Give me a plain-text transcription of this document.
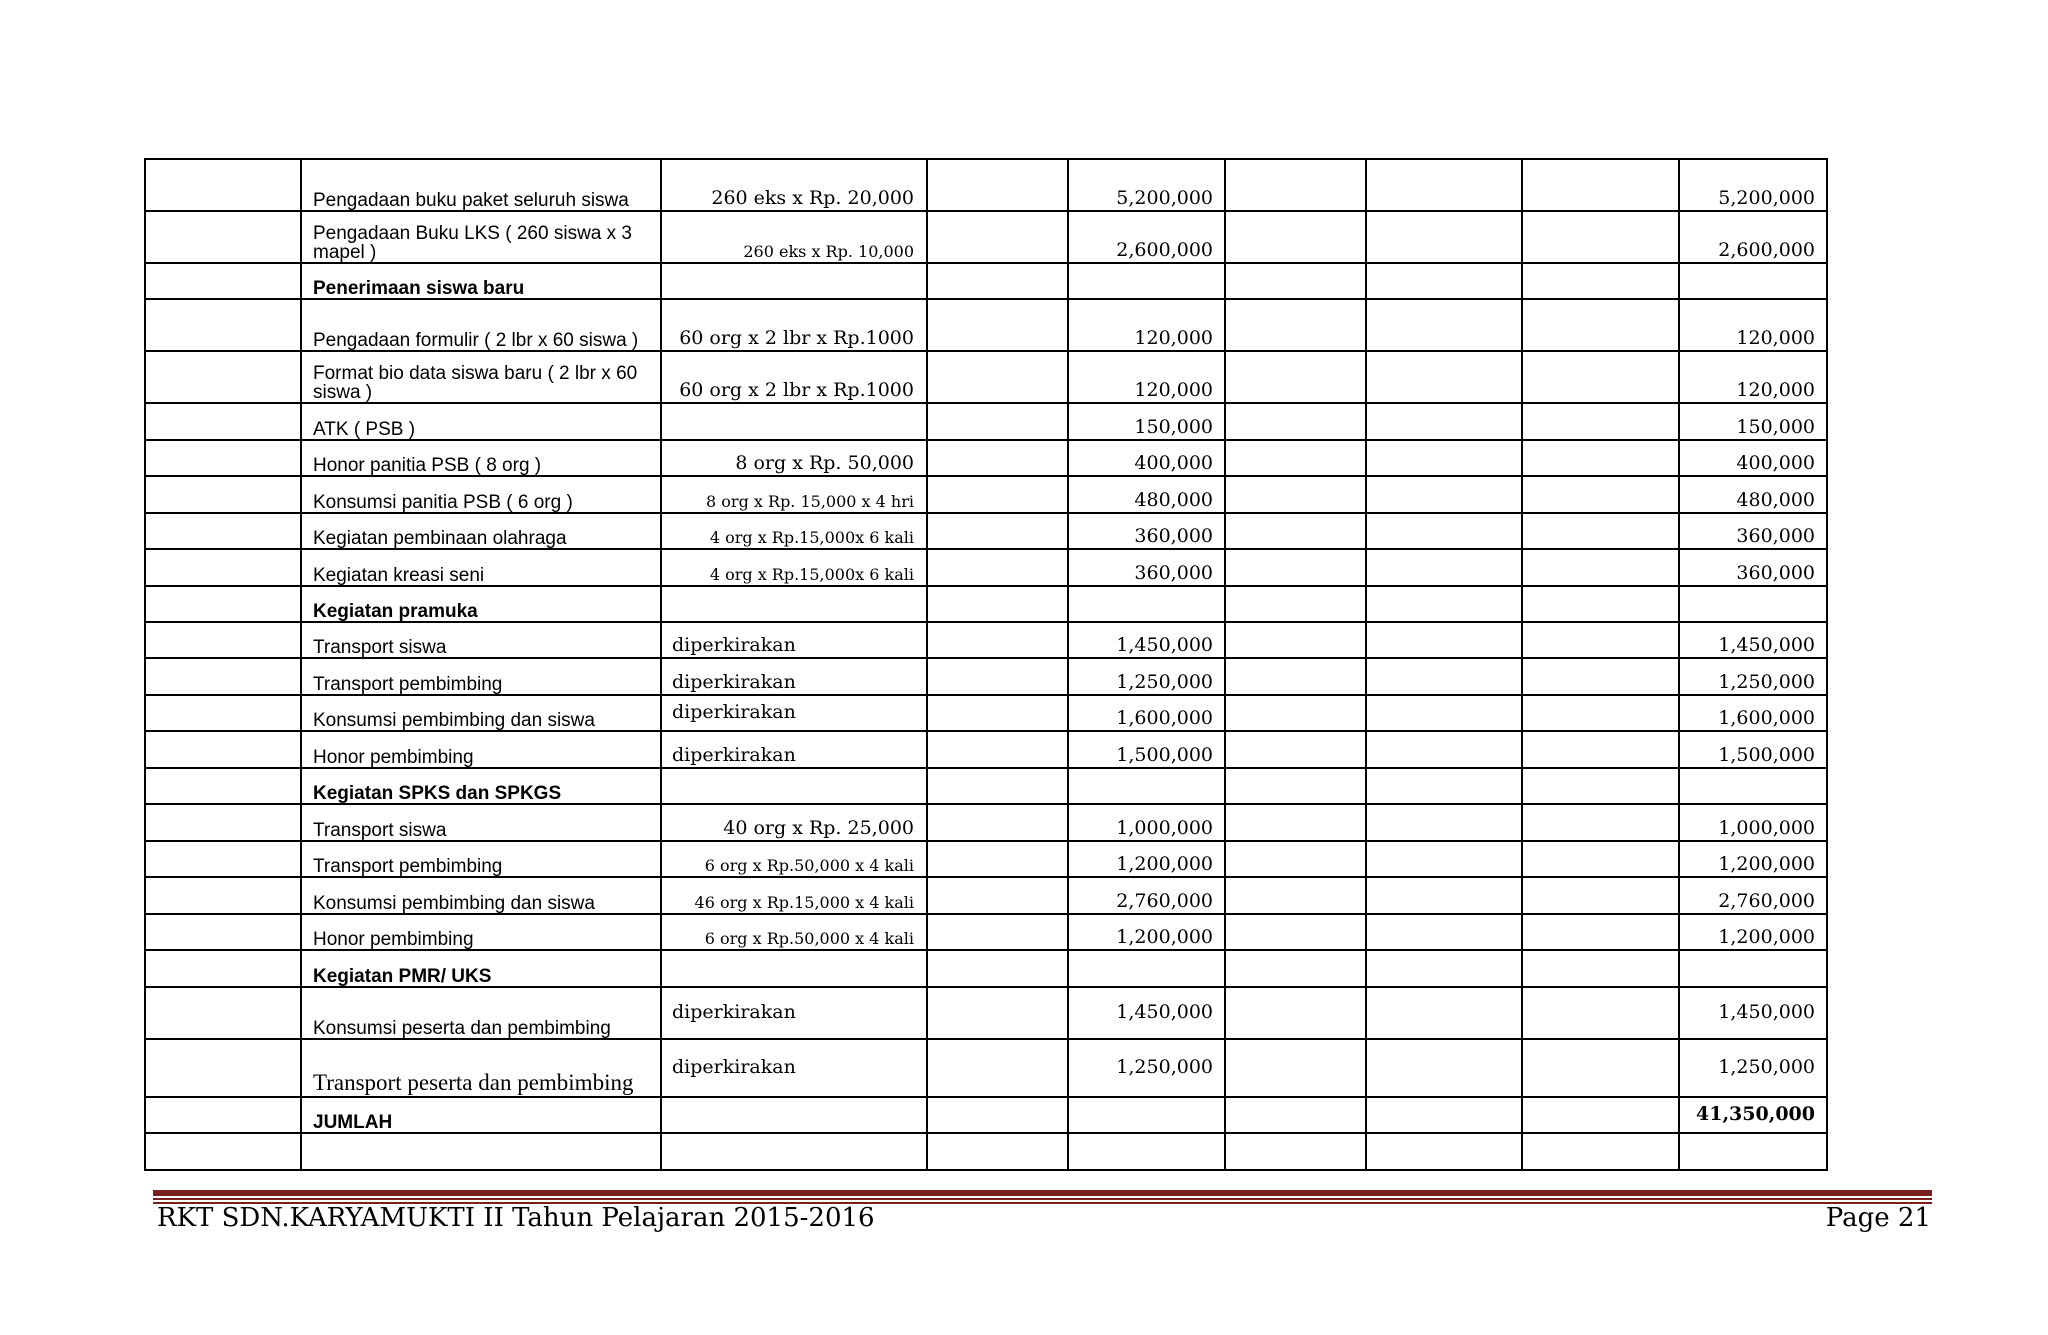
	Pengadaan buku paket seluruh siswa	260 eks x Rp. 20,000		5,200,000				5,200,000
	Pengadaan Buku LKS ( 260 siswa x 3 mapel )	260 eks x Rp. 10,000		2,600,000				2,600,000
	Penerimaan siswa baru							
	Pengadaan formulir ( 2 lbr x 60 siswa )	60 org x 2 lbr x Rp.1000		120,000				120,000
	Format bio data siswa baru ( 2 lbr x 60 siswa )	60 org x 2 lbr x Rp.1000		120,000				120,000
	ATK ( PSB )			150,000				150,000
	Honor panitia PSB ( 8 org )	8 org x Rp. 50,000		400,000				400,000
	Konsumsi panitia PSB ( 6 org )	8 org x Rp. 15,000 x 4 hri		480,000				480,000
	Kegiatan pembinaan olahraga	4 org x Rp.15,000x 6 kali		360,000				360,000
	Kegiatan kreasi seni	4 org x Rp.15,000x 6 kali		360,000				360,000
	Kegiatan pramuka							
	Transport siswa	diperkirakan		1,450,000				1,450,000
	Transport pembimbing	diperkirakan		1,250,000				1,250,000
	Konsumsi pembimbing dan siswa	diperkirakan		1,600,000				1,600,000
	Honor pembimbing	diperkirakan		1,500,000				1,500,000
	Kegiatan SPKS dan SPKGS							
	Transport siswa	40 org x Rp. 25,000		1,000,000				1,000,000
	Transport pembimbing	6 org x Rp.50,000 x 4 kali		1,200,000				1,200,000
	Konsumsi pembimbing dan siswa	46 org x Rp.15,000 x 4 kali		2,760,000				2,760,000
	Honor pembimbing	6 org x Rp.50,000 x 4 kali		1,200,000				1,200,000
	Kegiatan PMR/ UKS							
	Konsumsi peserta dan pembimbing	diperkirakan		1,450,000				1,450,000
	Transport peserta dan pembimbing	diperkirakan		1,250,000				1,250,000
	JUMLAH							41,350,000

RKT SDN.KARYAMUKTI II Tahun Pelajaran 2015-2016	Page 21
